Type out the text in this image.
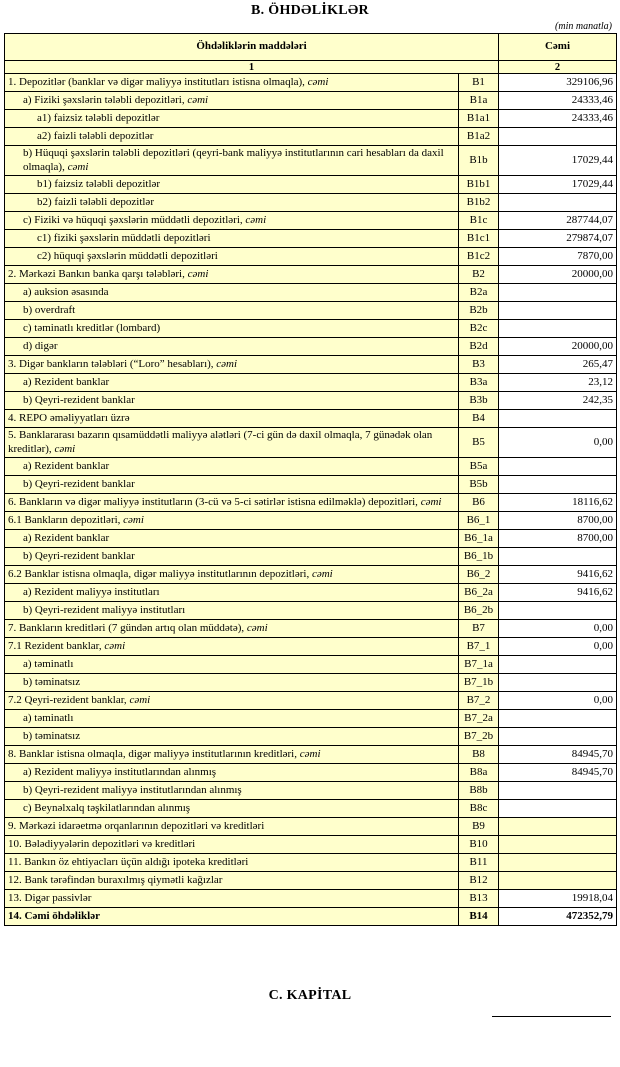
B. ÖHDƏLİKLƏR
(min manatla)
Öhdəliklərin maddələri		Cəmi
1		2
1. Depozitlər (banklar və digər maliyyə institutları istisna olmaqla), cəmi	B1	329106,96
a) Fiziki şəxslərin tələbli depozitləri, cəmi	B1a	24333,46
a1) faizsiz tələbli depozitlər	B1a1	24333,46
a2) faizli tələbli depozitlər	B1a2	
b) Hüquqi şəxslərin tələbli depozitləri (qeyri-bank maliyyə institutlarının cari hesabları da daxil olmaqla), cəmi	B1b	17029,44
b1) faizsiz tələbli depozitlər	B1b1	17029,44
b2) faizli tələbli depozitlər	B1b2	
c) Fiziki və hüquqi şəxslərin müddətli depozitləri, cəmi	B1c	287744,07
c1) fiziki şəxslərin müddətli depozitləri	B1c1	279874,07
c2) hüquqi şəxslərin müddətli depozitləri	B1c2	7870,00
2. Mərkəzi Bankın banka qarşı tələbləri, cəmi	B2	20000,00
a) auksion əsasında	B2a	
b) overdraft	B2b	
c) təminatlı kreditlər (lombard)	B2c	
d) digər	B2d	20000,00
3. Digər bankların tələbləri (“Loro” hesabları), cəmi	B3	265,47
a) Rezident banklar	B3a	23,12
b) Qeyri-rezident banklar	B3b	242,35
4. REPO əməliyyatları üzrə	B4	
5. Banklararası bazarın qısamüddətli maliyyə alətləri (7-ci gün də daxil olmaqla, 7 günədək olan kreditlər), cəmi	B5	0,00
a) Rezident banklar	B5a	
b) Qeyri-rezident banklar	B5b	
6. Bankların və digər maliyyə institutların (3-cü və 5-ci sətirlər istisna edilməklə) depozitləri, cəmi	B6	18116,62
6.1 Bankların depozitləri, cəmi	B6_1	8700,00
a) Rezident banklar	B6_1a	8700,00
b) Qeyri-rezident banklar	B6_1b	
6.2 Banklar istisna olmaqla, digər maliyyə institutlarının depozitləri, cəmi	B6_2	9416,62
a) Rezident maliyyə institutları	B6_2a	9416,62
b) Qeyri-rezident maliyyə institutları	B6_2b	
7. Bankların kreditləri (7 gündən artıq olan müddətə), cəmi	B7	0,00
7.1 Rezident banklar, cəmi	B7_1	0,00
a) təminatlı	B7_1a	
b) təminatsız	B7_1b	
7.2 Qeyri-rezident banklar, cəmi	B7_2	0,00
a) təminatlı	B7_2a	
b) təminatsız	B7_2b	
8. Banklar istisna olmaqla, digər maliyyə institutlarının kreditləri, cəmi	B8	84945,70
a) Rezident maliyyə institutlarından alınmış	B8a	84945,70
b) Qeyri-rezident maliyyə institutlarından alınmış	B8b	
c) Beynəlxalq təşkilatlarından alınmış	B8c	
9. Mərkəzi idarəetmə orqanlarının depozitləri və kreditləri	B9	
10. Bələdiyyələrin depozitləri və kreditləri	B10	
11. Bankın öz ehtiyacları üçün aldığı ipoteka kreditləri	B11	
12. Bank tərəfindən buraxılmış qiymətli kağızlar	B12	
13. Digər passivlər	B13	19918,04
14. Cəmi öhdəliklər	B14	472352,79
C. KAPİTAL
